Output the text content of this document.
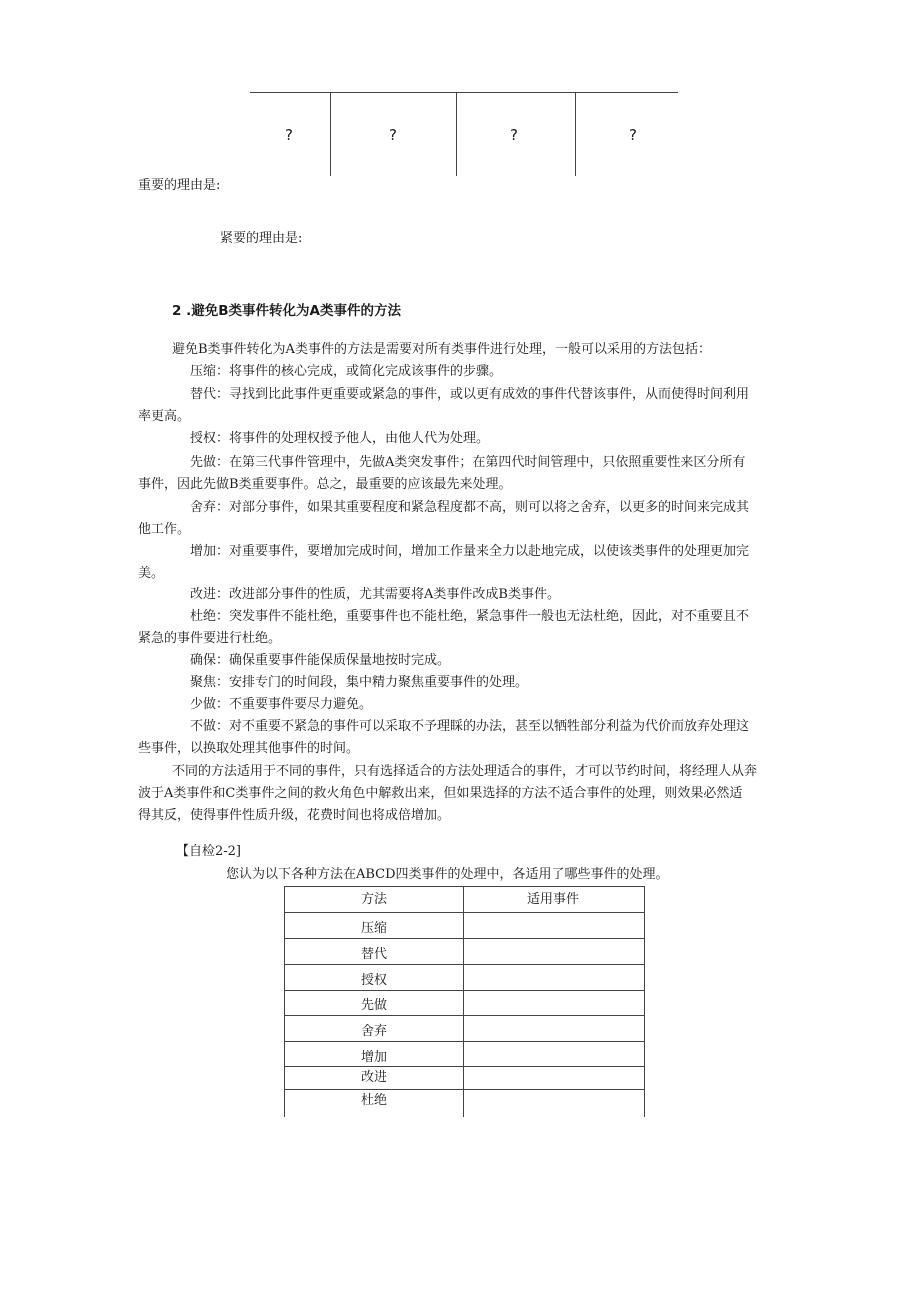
?	?	?	?
重要的理由是:
紧要的理由是:
2 .避免B类事件转化为A类事件的方法
避免B类事件转化为A类事件的方法是需要对所有类事件进行处理，一般可以采用的方法包括：
压缩：将事件的核心完成，或简化完成该事件的步骤。
替代：寻找到比此事件更重要或紧急的事件，或以更有成效的事件代替该事件，从而使得时间利用
率更高。
授权：将事件的处理权授予他人，由他人代为处理。
先做：在第三代事件管理中，先做A类突发事件；在第四代时间管理中，只依照重要性来区分所有
事件，因此先做B类重要事件。总之，最重要的应该最先来处理。
舍弃：对部分事件，如果其重要程度和紧急程度都不高，则可以将之舍弃，以更多的时间来完成其
他工作。
增加：对重要事件，要增加完成时间，增加工作量来全力以赴地完成，以使该类事件的处理更加完
美。
改进：改进部分事件的性质，尤其需要将A类事件改成B类事件。
杜绝：突发事件不能杜绝，重要事件也不能杜绝，紧急事件一般也无法杜绝，因此，对不重要且不
紧急的事件要进行杜绝。
确保：确保重要事件能保质保量地按时完成。
聚焦：安排专门的时间段，集中精力聚焦重要事件的处理。
少做：不重要事件要尽力避免。
不做：对不重要不紧急的事件可以采取不予理睬的办法，甚至以牺牲部分利益为代价而放弃处理这
些事件，以换取处理其他事件的时间。
不同的方法适用于不同的事件，只有选择适合的方法处理适合的事件，才可以节约时间，将经理人从奔
波于A类事件和C类事件之间的救火角色中解救出来，但如果选择的方法不适合事件的处理，则效果必然适
得其反，使得事件性质升级，花费时间也将成倍增加。
【自检2-2]
您认为以下各种方法在ABCD四类事件的处理中，各适用了哪些事件的处理。
方法	适用事件
压缩
替代
授权
先做
舍弃
增加
改进
杜绝
